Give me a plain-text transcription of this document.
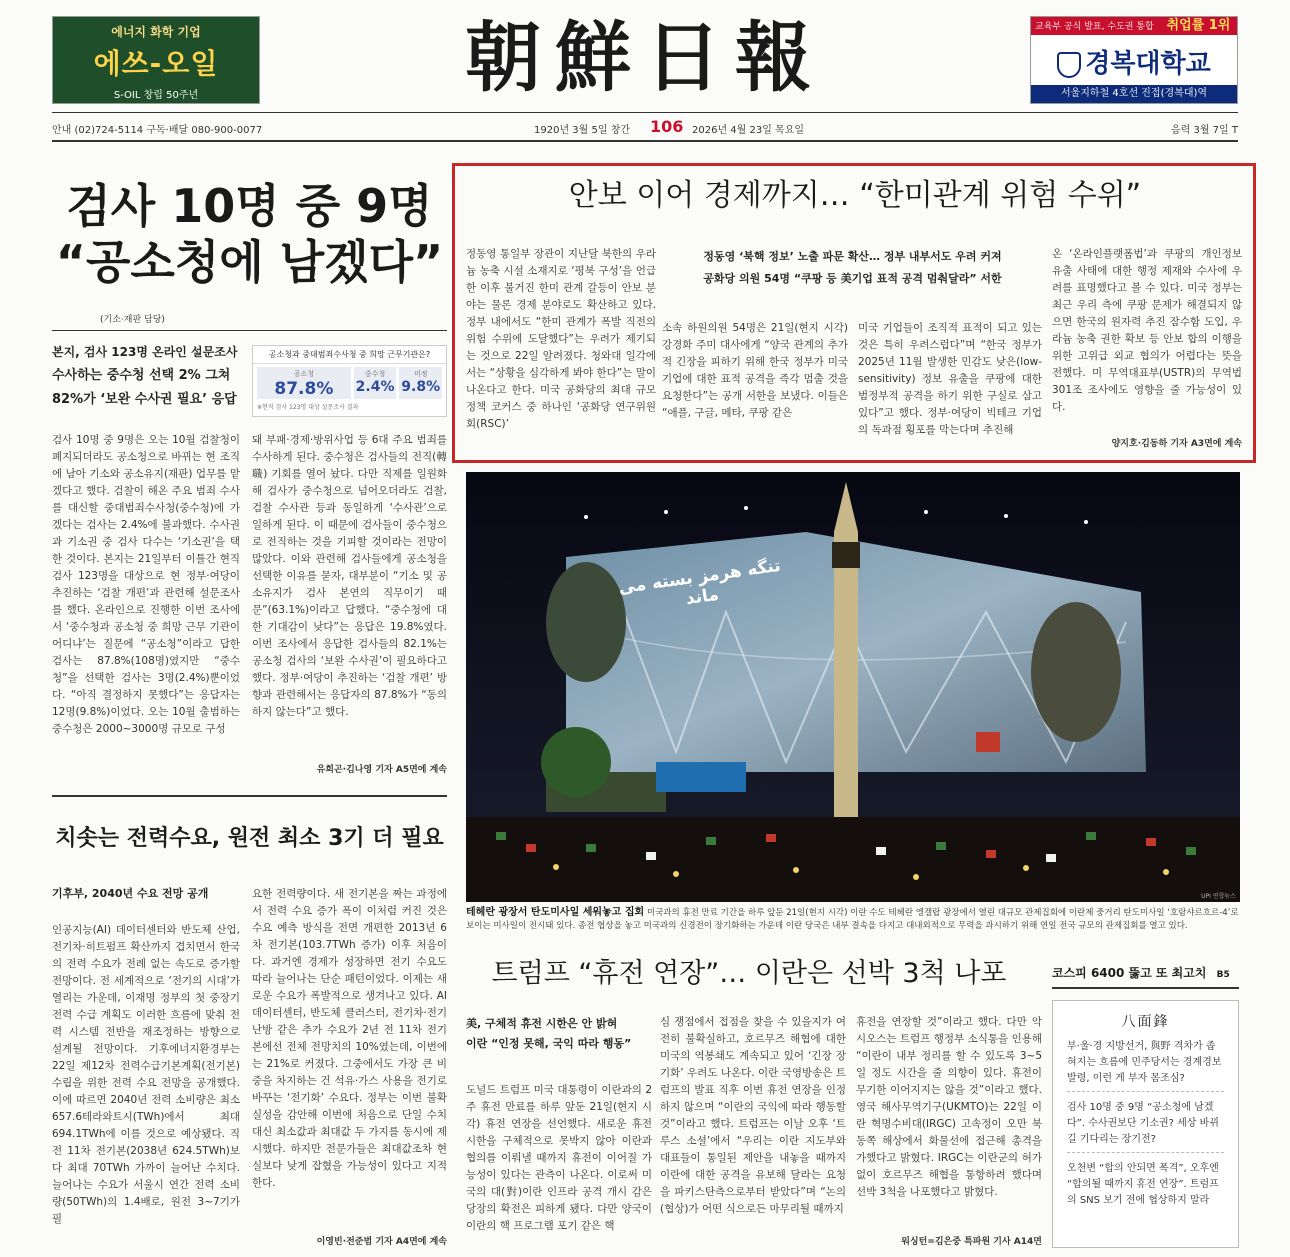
에너지 화학 기업
에쓰-오일
S-OIL 창립 50주년	朝鮮日報	교육부 공식 발표, 수도권 통합 취업률 1위
경복대학교
서울지하철 4호선 진접(경복대)역
안내 (02)724-5114 구독·배달 080-900-0077	1920년 3월 5일 창간 106 2026년 4월 23일 목요일	음력 3월 7일 T
검사 10명 중 9명
“공소청에 남겠다”
(기소·재판 담당)
본지, 검사 123명 온라인 설문조사
수사하는 중수청 선택 2% 그쳐
82%가 ‘보완 수사권 필요’ 응답
공소청과 중대범죄수사청 중 희망 근무기관은?
공소청
87.8%
중수청
2.4%
미정
9.8%
※현직 검사 123명 대상 설문조사 결과
검사 10명 중 9명은 오는 10월 검찰청이 폐지되더라도 공소청으로 바뀌는 현 조직에 남아 기소와 공소유지(재판) 업무를 맡겠다고 했다. 검찰이 해온 주요 범죄 수사를 대신할 중대범죄수사청(중수청)에 가겠다는 검사는 2.4%에 불과했다. 수사권과 기소권 중 검사 다수는 ‘기소권’을 택한 것이다. 본지는 21일부터 이틀간 현직 검사 123명을 대상으로 현 정부·여당이 추진하는 ‘검찰 개편’과 관련해 설문조사를 했다. 온라인으로 진행한 이번 조사에서 ‘중수청과 공소청 중 희망 근무 기관이 어디냐’는 질문에 “공소청”이라고 답한 검사는 87.8%(108명)였지만 “중수청”을 선택한 검사는 3명(2.4%)뿐이었다. “아직 결정하지 못했다”는 응답자는 12명(9.8%)이었다. 오는 10월 출범하는 중수청은 2000~3000명 규모로 구성
돼 부패·경제·방위사업 등 6대 주요 범죄를 수사하게 된다. 중수청은 검사들의 전직(轉職) 기회를 열어 놨다. 다만 직제를 일원화해 검사가 중수청으로 넘어오더라도 검찰, 검찰 수사관 등과 동일하게 ‘수사관’으로 일하게 된다. 이 때문에 검사들이 중수청으로 전직하는 것을 기피할 것이라는 전망이 많았다. 이와 관련해 검사들에게 공소청을 선택한 이유를 묻자, 대부분이 “기소 및 공소유지가 검사 본연의 직무이기 때문”(63.1%)이라고 답했다. “중수청에 대한 기대감이 낮다”는 응답은 19.8%였다. 이번 조사에서 응답한 검사들의 82.1%는 공소청 검사의 ‘보완 수사권’이 필요하다고 했다. 정부·여당이 추진하는 ‘검찰 개편’ 방향과 관련해서는 응답자의 87.8%가 “동의하지 않는다”고 했다.
유희곤·김나영 기자 A5면에 계속
치솟는 전력수요, 원전 최소 3기 더 필요
기후부, 2040년 수요 전망 공개
인공지능(AI) 데이터센터와 반도체 산업, 전기차·히트펌프 확산까지 겹치면서 한국의 전력 수요가 전례 없는 속도로 증가할 전망이다. 전 세계적으로 ‘전기의 시대’가 열리는 가운데, 이재명 정부의 첫 중장기 전력 수급 계획도 이러한 흐름에 맞춰 전력 시스템 전반을 재조정하는 방향으로 설계될 전망이다. 기후에너지환경부는 22일 제12차 전력수급기본계획(전기본) 수립을 위한 전력 수요 전망을 공개했다. 이에 따르면 2040년 전력 소비량은 최소 657.6테라와트시(TWh)에서 최대 694.1TWh에 이를 것으로 예상됐다. 직전 11차 전기본(2038년 624.5TWh)보다 최대 70TWh 가까이 늘어난 수치다. 늘어나는 수요가 서울시 연간 전력 소비량(50TWh)의 1.4배로, 원전 3~7기가 필
요한 전력량이다. 새 전기본을 짜는 과정에서 전력 수요 증가 폭이 이처럼 커진 것은 수요 예측 방식을 전면 개편한 2013년 6차 전기본(103.7TWh 증가) 이후 처음이다. 과거엔 경제가 성장하면 전기 수요도 따라 늘어나는 단순 패턴이었다. 이제는 새로운 수요가 폭발적으로 생겨나고 있다. AI 데이터센터, 반도체 클러스터, 전기차·전기난방 같은 추가 수요가 2년 전 11차 전기본에선 전체 전망치의 10%였는데, 이번에는 21%로 커졌다. 그중에서도 가장 큰 비중을 차지하는 건 석유·가스 사용을 전기로 바꾸는 ‘전기화’ 수요다. 정부는 이번 불확실성을 감안해 이번에 처음으로 단일 수치 대신 최소값과 최대값 두 가지를 동시에 제시했다. 하지만 전문가들은 최대값조차 현실보다 낮게 잡혔을 가능성이 있다고 지적한다.
이영빈·전준범 기자 A4면에 계속
안보 이어 경제까지… “한미관계 위험 수위”
정동영 통일부 장관이 지난달 북한의 우라늄 농축 시설 소재지로 ‘평북 구성’을 언급한 이후 불거진 한미 관계 갈등이 안보 분야는 물론 경제 분야로도 확산하고 있다. 정부 내에서도 “한미 관계가 폭발 직전의 위험 수위에 도달했다”는 우려가 제기되는 것으로 22일 알려졌다. 청와대 일각에서는 “상황을 심각하게 봐야 한다”는 말이 나온다고 한다. 미국 공화당의 최대 규모 정책 코커스 중 하나인 ‘공화당 연구위원회(RSC)’
정동영 ‘북핵 정보’ 노출 파문 확산… 정부 내부서도 우려 커져
공화당 의원 54명 “쿠팡 등 美기업 표적 공격 멈춰달라” 서한
소속 하원의원 54명은 21일(현지 시각) 강경화 주미 대사에게 “양국 관계의 추가적 긴장을 피하기 위해 한국 정부가 미국 기업에 대한 표적 공격을 즉각 멈출 것을 요청한다”는 공개 서한을 보냈다. 이들은 “애플, 구글, 메타, 쿠팡 같은
미국 기업들이 조직적 표적이 되고 있는 것은 특히 우려스럽다”며 “한국 정부가 2025년 11월 발생한 민감도 낮은(low-sensitivity) 정보 유출을 쿠팡에 대한 범정부적 공격을 하기 위한 구실로 삼고 있다”고 했다. 정부·여당이 빅테크 기업의 독과점 횡포를 막는다며 추진해
온 ‘온라인플랫폼법’과 쿠팡의 개인정보 유출 사태에 대한 행정 제재와 수사에 우려를 표명했다고 볼 수 있다. 미국 정부는 최근 우리 측에 쿠팡 문제가 해결되지 않으면 한국의 원자력 추진 잠수함 도입, 우라늄 농축 권한 확보 등 안보 합의 이행을 위한 고위급 외교 협의가 어렵다는 뜻을 전했다. 미 무역대표부(USTR)의 무역법 301조 조사에도 영향을 줄 가능성이 있다.
양지호·김동하 기자 A3면에 계속
تنگه هرمز بسته می ماند
UPI 연합뉴스
테헤란 광장서 탄도미사일 세워놓고 집회 미국과의 휴전 만료 기간을 하루 앞둔 21일(현지 시각) 이란 수도 테헤란 엥겔랍 광장에서 열린 대규모 관제집회에 이란제 중거리 탄도미사일 ‘호람샤르흐르-4’로 보이는 미사일이 전시돼 있다. 종전 협상을 놓고 미국과의 신경전이 장기화하는 가운데 이란 당국은 내부 결속을 다지고 대내외적으로 무력을 과시하기 위해 연일 전국 규모의 관제집회를 열고 있다.
트럼프 “휴전 연장”… 이란은 선박 3척 나포
美, 구체적 휴전 시한은 안 밝혀
이란 “인정 못해, 국익 따라 행동”
도널드 트럼프 미국 대통령이 이란과의 2주 휴전 만료를 하루 앞둔 21일(현지 시각) 휴전 연장을 선언했다. 새로운 휴전 시한을 구체적으로 못박지 않아 이란과 협의를 이뤄낼 때까지 휴전이 이어질 가능성이 있다는 관측이 나온다. 이로써 미국의 대(對)이란 인프라 공격 개시 감은 당장의 확전은 피하게 됐다. 다만 양국이 이란의 핵 프로그램 포기 같은 핵
심 쟁점에서 접점을 찾을 수 있을지가 여전히 불확실하고, 호르무즈 해협에 대한 미국의 역봉쇄도 계속되고 있어 ‘긴장 장기화’ 우려도 나온다. 이란 국영방송은 트럼프의 발표 직후 이번 휴전 연장을 인정하지 않으며 “이란의 국익에 따라 행동할 것”이라고 했다. 트럼프는 이날 오후 ‘트루스 소셜’에서 “우리는 이란 지도부와 대표들이 통일된 제안을 내놓을 때까지 이란에 대한 공격을 유보해 달라는 요청을 파키스탄측으로부터 받았다”며 “논의(협상)가 어떤 식으로든 마무리될 때까지
휴전을 연장할 것”이라고 했다. 다만 악시오스는 트럼프 행정부 소식통을 인용해 “이란이 내부 정리를 할 수 있도록 3~5일 정도 시간을 줄 의향이 있다. 휴전이 무기한 이어지지는 않을 것”이라고 했다. 영국 해사무역기구(UKMTO)는 22일 이란 혁명수비대(IRGC) 고속정이 오만 북동쪽 해상에서 화물선에 접근해 총격을 가했다고 밝혔다. IRGC는 이란군의 허가 없이 호르무즈 해협을 통항하려 했다며 선박 3척을 나포했다고 밝혔다.
워싱턴=김은중 특파원 기사 A14면
코스피 6400 뚫고 또 최고치 B5
八面鋒
부·울·경 지방선거, 與野 격차가 좁혀지는 흐름에 민주당서는 경계경보 발령, 이런 게 부자 몸조심?
검사 10명 중 9명 “공소청에 남겠다”. 수사권보단 기소권? 세상 바뀌길 기다리는 장기전?
오천변 “합의 안되면 폭격”, 오후엔 “합의될 때까지 휴전 연장”. 트럼프의 SNS 보기 전에 협상하지 말라
